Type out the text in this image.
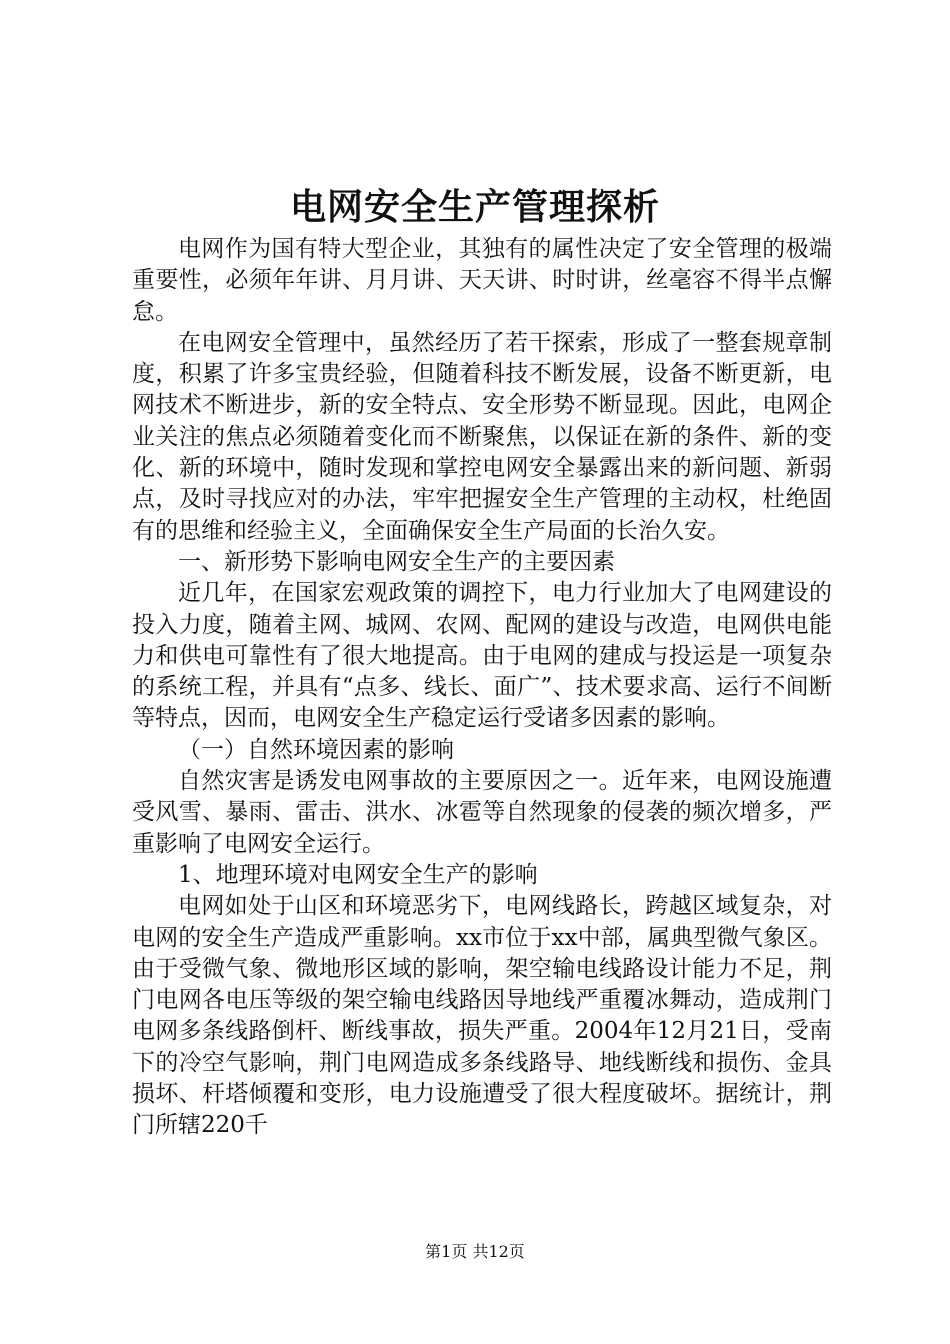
电网安全生产管理探析

电网作为国有特大型企业，其独有的属性决定了安全管理的极端重要性，必须年年讲、月月讲、天天讲、时时讲，丝毫容不得半点懈怠。

在电网安全管理中，虽然经历了若干探索，形成了一整套规章制度，积累了许多宝贵经验，但随着科技不断发展，设备不断更新，电网技术不断进步，新的安全特点、安全形势不断显现。因此，电网企业关注的焦点必须随着变化而不断聚焦，以保证在新的条件、新的变化、新的环境中，随时发现和掌控电网安全暴露出来的新问题、新弱点，及时寻找应对的办法，牢牢把握安全生产管理的主动权，杜绝固有的思维和经验主义，全面确保安全生产局面的长治久安。

一、新形势下影响电网安全生产的主要因素

近几年，在国家宏观政策的调控下，电力行业加大了电网建设的投入力度，随着主网、城网、农网、配网的建设与改造，电网供电能力和供电可靠性有了很大地提高。由于电网的建成与投运是一项复杂的系统工程，并具有“点多、线长、面广”、技术要求高、运行不间断等特点，因而，电网安全生产稳定运行受诸多因素的影响。

（一）自然环境因素的影响

自然灾害是诱发电网事故的主要原因之一。近年来，电网设施遭受风雪、暴雨、雷击、洪水、冰雹等自然现象的侵袭的频次增多，严重影响了电网安全运行。

1、地理环境对电网安全生产的影响

电网如处于山区和环境恶劣下，电网线路长，跨越区域复杂，对电网的安全生产造成严重影响。xx市位于xx中部，属典型微气象区。由于受微气象、微地形区域的影响，架空输电线路设计能力不足，荆门电网各电压等级的架空输电线路因导地线严重覆冰舞动，造成荆门电网多条线路倒杆、断线事故，损失严重。2004年12月21日，受南下的冷空气影响，荆门电网造成多条线路导、地线断线和损伤、金具损坏、杆塔倾覆和变形，电力设施遭受了很大程度破坏。据统计，荆门所辖220千

第1页 共12页
